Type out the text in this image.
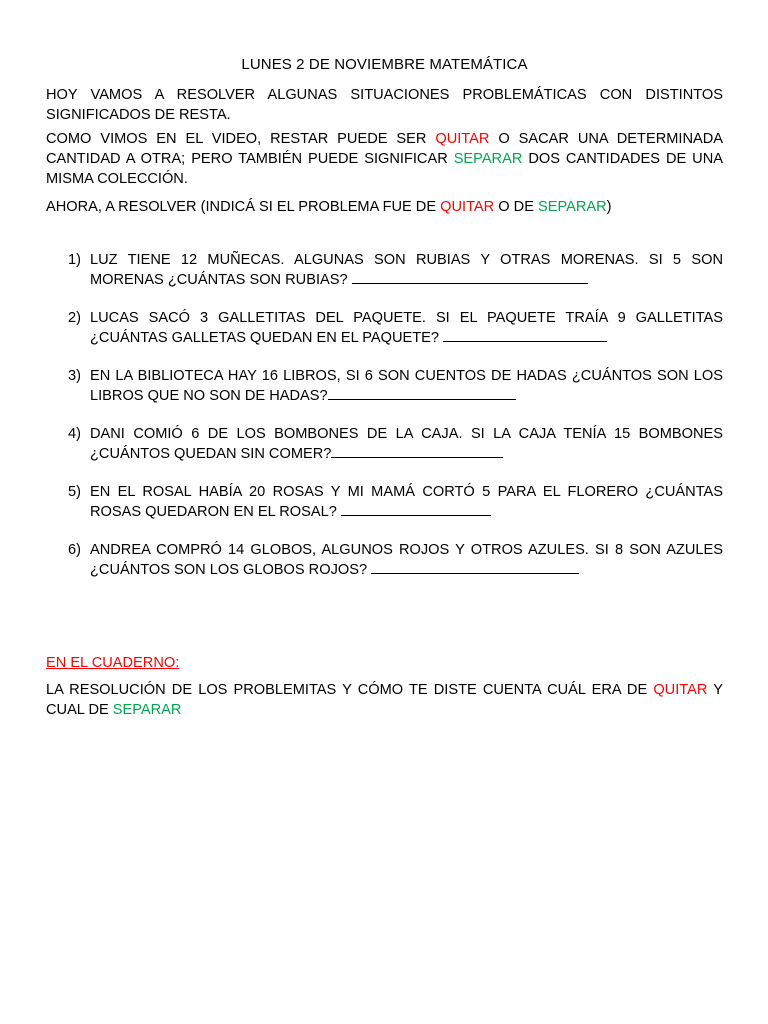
LUNES 2 DE NOVIEMBRE MATEMÁTICA
HOY VAMOS A RESOLVER ALGUNAS SITUACIONES PROBLEMÁTICAS CON DISTINTOS SIGNIFICADOS DE RESTA.
COMO VIMOS EN EL VIDEO, RESTAR PUEDE SER QUITAR O SACAR UNA DETERMINADA CANTIDAD A OTRA; PERO TAMBIÉN PUEDE SIGNIFICAR SEPARAR DOS CANTIDADES DE UNA MISMA COLECCIÓN.
AHORA, A RESOLVER (INDICÁ SI EL PROBLEMA FUE DE QUITAR O DE SEPARAR)
1) LUZ TIENE 12 MUÑECAS. ALGUNAS SON RUBIAS Y OTRAS MORENAS. SI 5 SON MORENAS ¿CUÁNTAS SON RUBIAS?
2) LUCAS SACÓ 3 GALLETITAS DEL PAQUETE. SI EL PAQUETE TRAÍA 9 GALLETITAS ¿CUÁNTAS GALLETAS QUEDAN EN EL PAQUETE?
3) EN LA BIBLIOTECA HAY 16 LIBROS, SI 6 SON CUENTOS DE HADAS ¿CUÁNTOS SON LOS LIBROS QUE NO SON DE HADAS?
4) DANI COMIÓ 6 DE LOS BOMBONES DE LA CAJA. SI LA CAJA TENÍA 15 BOMBONES ¿CUÁNTOS QUEDAN SIN COMER?
5) EN EL ROSAL HABÍA 20 ROSAS Y MI MAMÁ CORTÓ 5 PARA EL FLORERO ¿CUÁNTAS ROSAS QUEDARON EN EL ROSAL?
6) ANDREA COMPRÓ 14 GLOBOS, ALGUNOS ROJOS Y OTROS AZULES. SI 8 SON AZULES ¿CUÁNTOS SON LOS GLOBOS ROJOS?
EN EL CUADERNO:
LA RESOLUCIÓN DE LOS PROBLEMITAS Y CÓMO TE DISTE CUENTA CUÁL ERA DE QUITAR Y CUAL DE SEPARAR
